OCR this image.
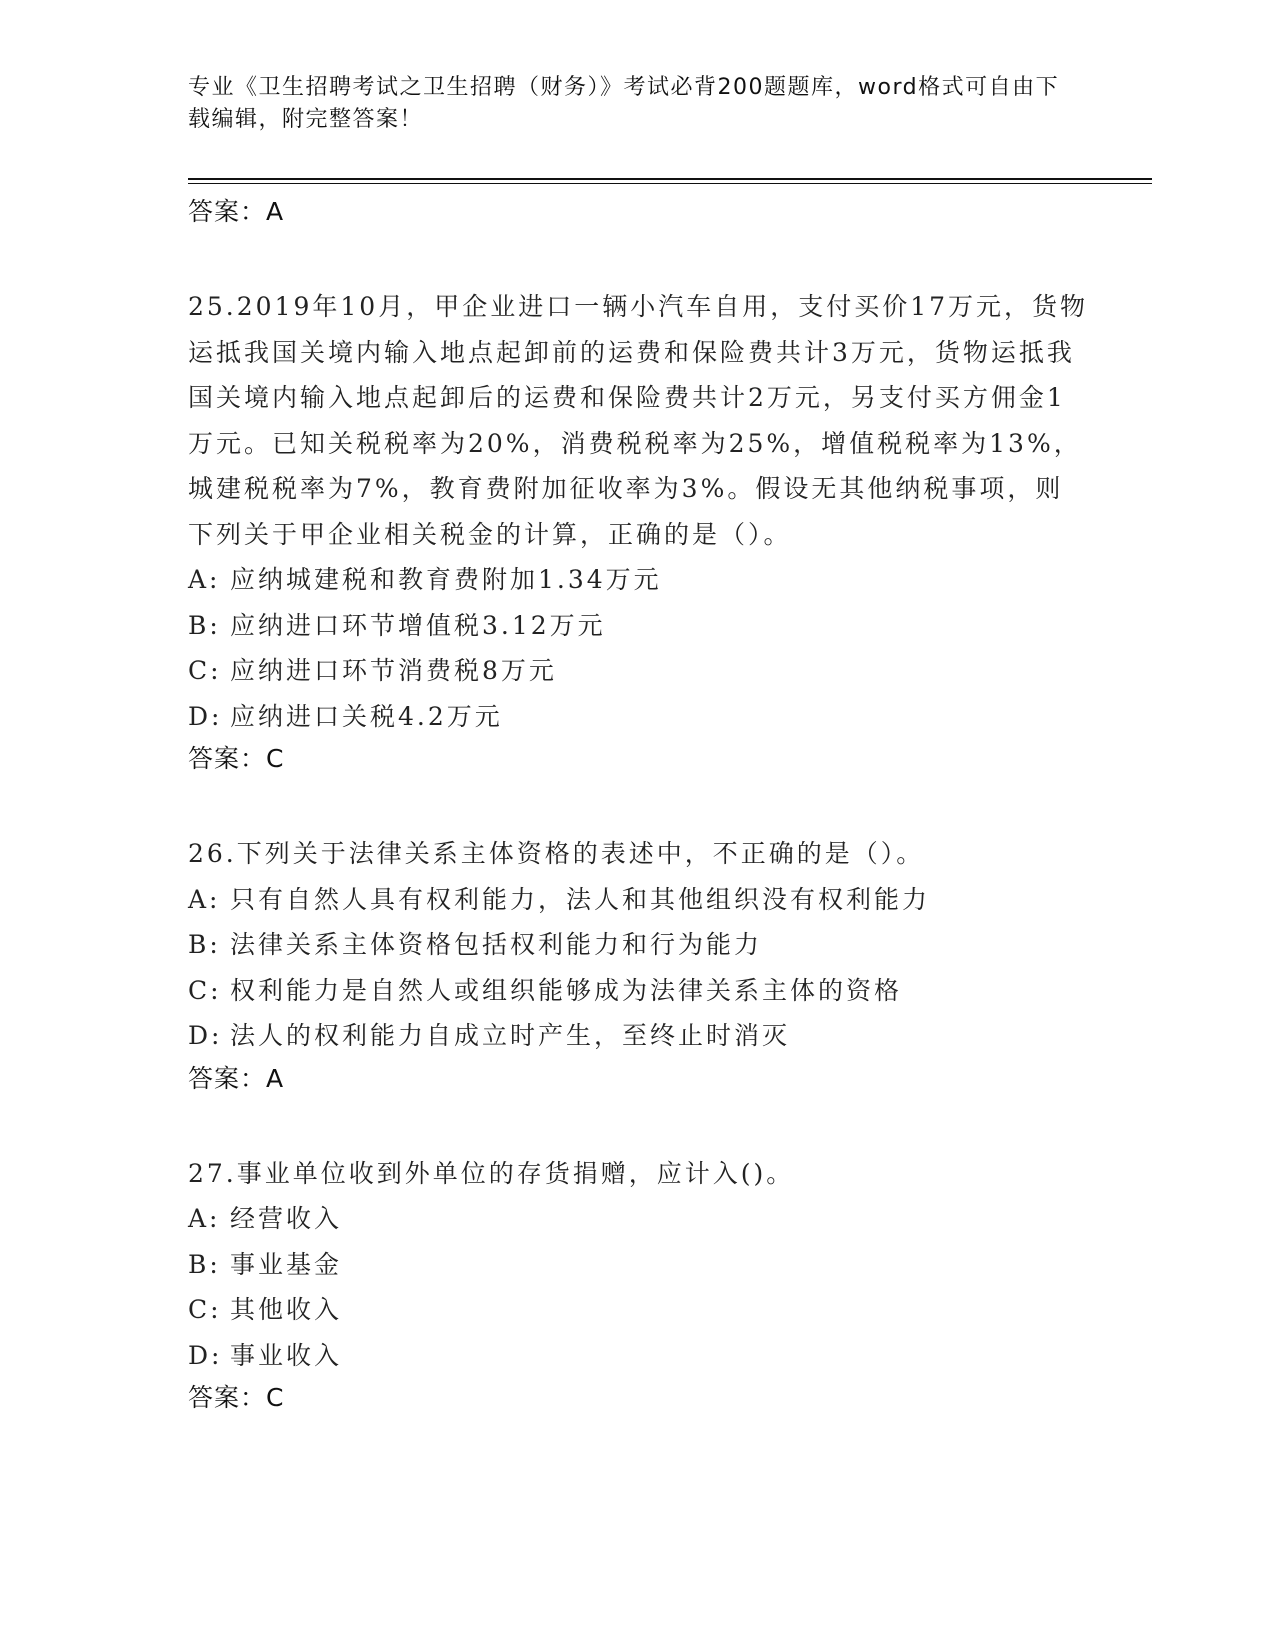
专业《卫生招聘考试之卫生招聘（财务）》考试必背200题题库，word格式可自由下载编辑，附完整答案！
答案：A
25.2019年10月，甲企业进口一辆小汽车自用，支付买价17万元，货物运抵我国关境内输入地点起卸前的运费和保险费共计3万元，货物运抵我国关境内输入地点起卸后的运费和保险费共计2万元，另支付买方佣金1万元。已知关税税率为20%，消费税税率为25%，增值税税率为13%，城建税税率为7%，教育费附加征收率为3%。假设无其他纳税事项，则下列关于甲企业相关税金的计算，正确的是（）。
A: 应纳城建税和教育费附加1.34万元
B: 应纳进口环节增值税3.12万元
C: 应纳进口环节消费税8万元
D: 应纳进口关税4.2万元
答案：C
26.下列关于法律关系主体资格的表述中，不正确的是（）。
A: 只有自然人具有权利能力，法人和其他组织没有权利能力
B: 法律关系主体资格包括权利能力和行为能力
C: 权利能力是自然人或组织能够成为法律关系主体的资格
D: 法人的权利能力自成立时产生，至终止时消灭
答案：A
27.事业单位收到外单位的存货捐赠，应计入()。
A: 经营收入
B: 事业基金
C: 其他收入
D: 事业收入
答案：C
